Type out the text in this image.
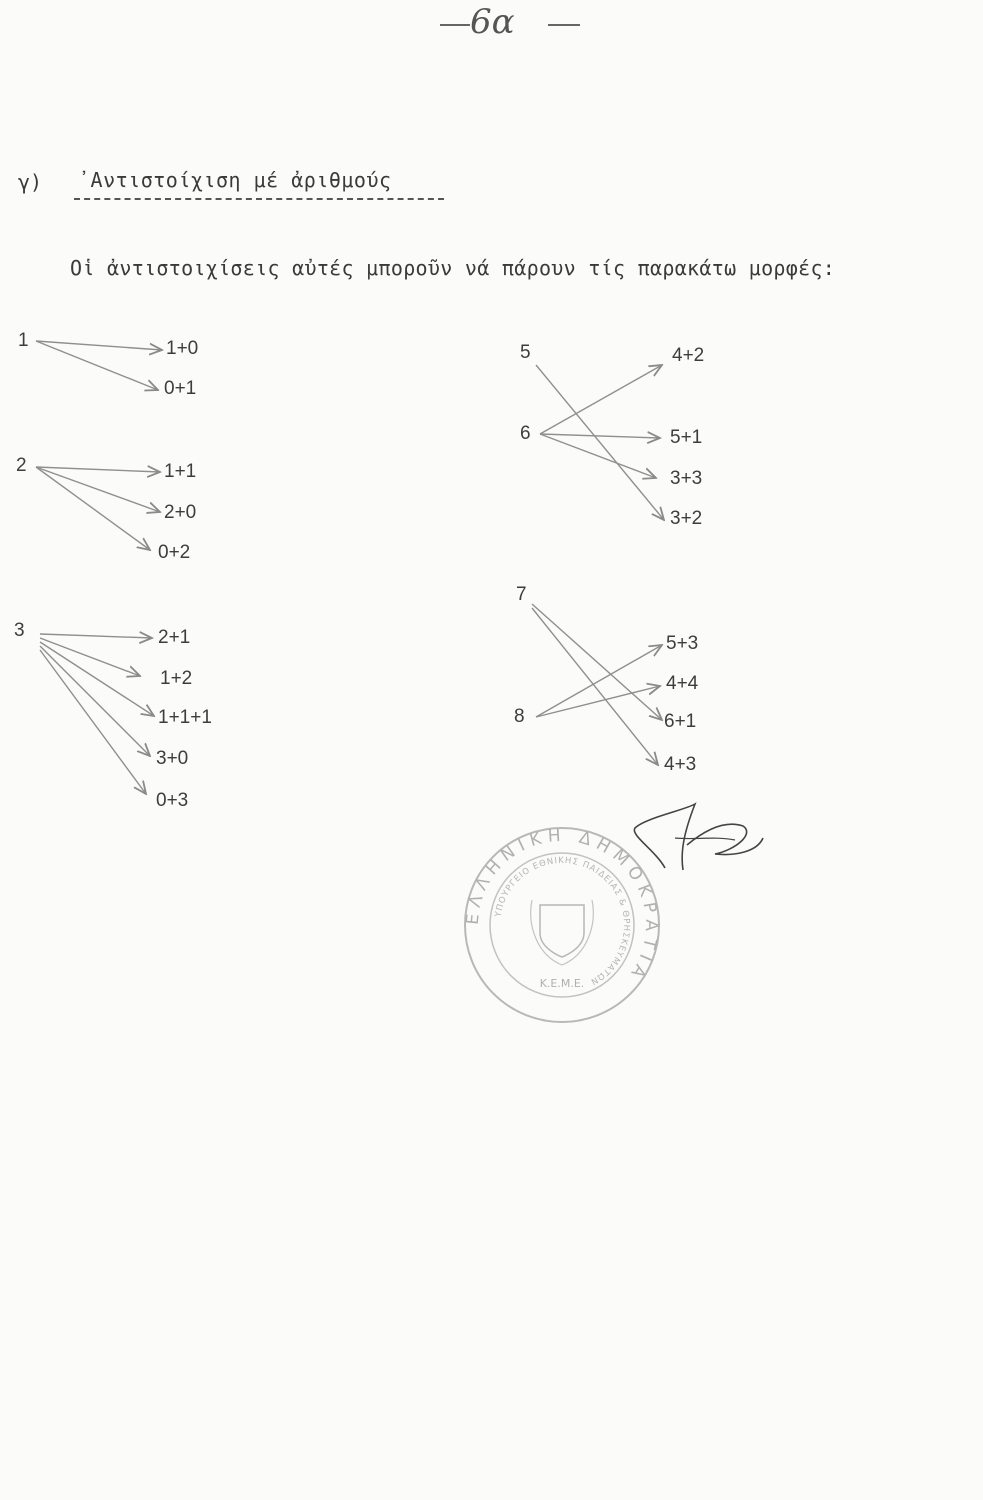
6α
γ) ᾿Αντιστοίχιση μέ ἀριθμούς
Οἱ ἀντιστοιχίσεις αὐτές μποροῦν νά πάρουν τίς παρακάτω μορφές:
1	1+0
0+1
2	1+1
2+0
0+2
3	2+1
1+2
1+1+1
3+0
0+3
5
6
4+2
5+1
3+3
3+2
7
8
5+3
4+4
6+1
4+3
ΕΛΛΗΝΙΚΗ ΔΗΜΟΚΡΑΤΙΑ
ΥΠΟΥΡΓΕΙΟ ΕΘΝΙΚΗΣ ΠΑΙΔΕΙΑΣ & ΘΡΗΣΚΕΥΜΑΤΩΝ
Κ.Ε.Μ.Ε.
